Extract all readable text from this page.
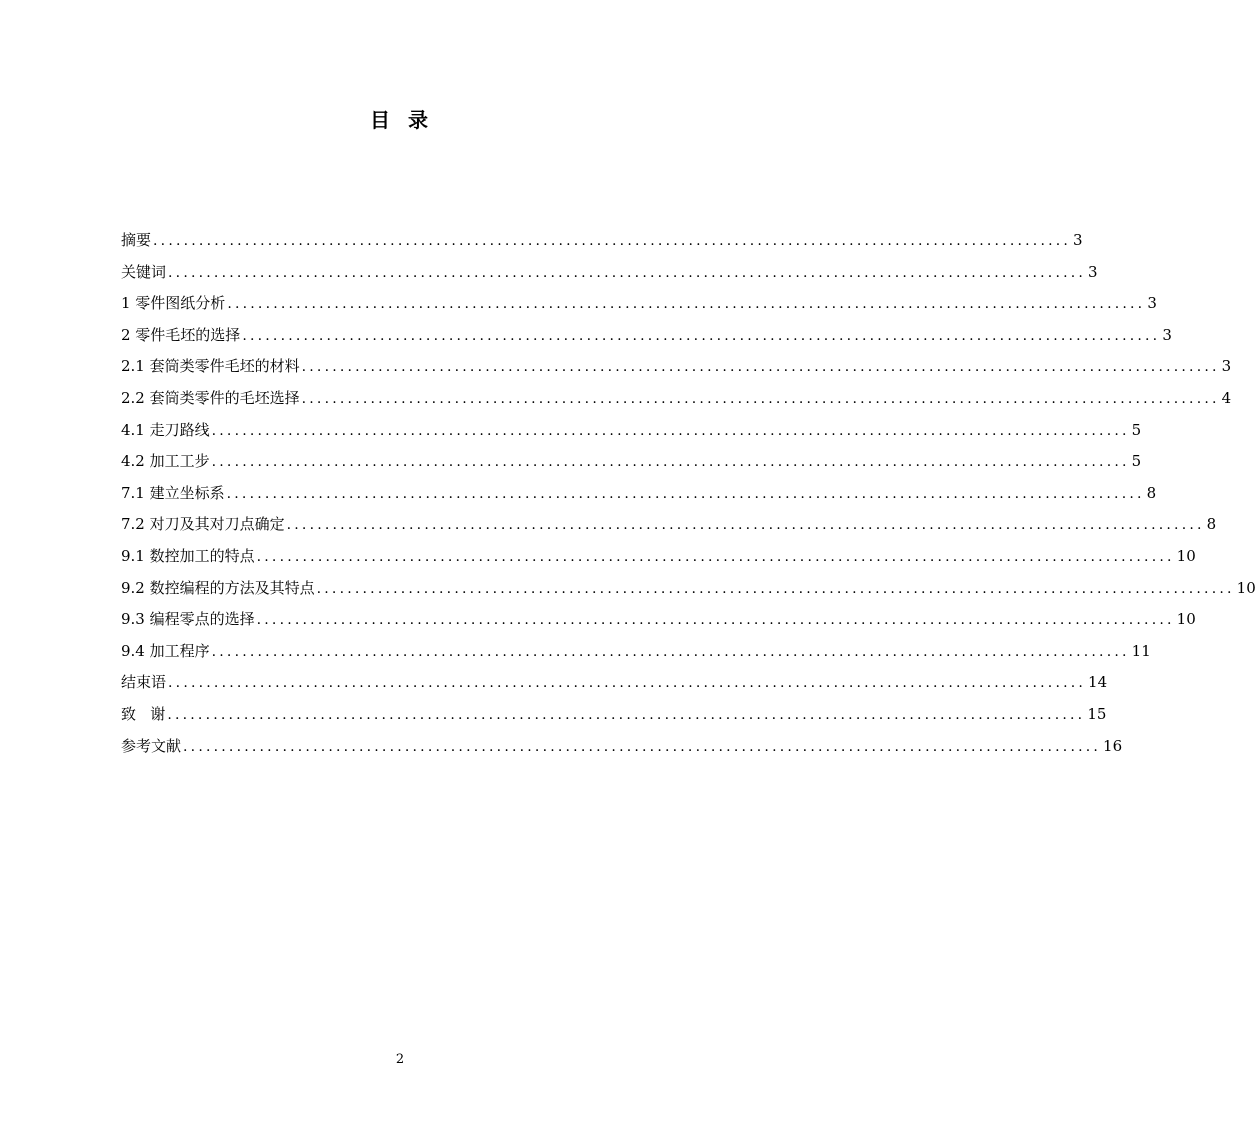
目 录
摘要 ........................................................................................................................ 3
关键词 ........................................................................................................................ 3
1 零件图纸分析 ........................................................................................................................ 3
2 零件毛坯的选择 ........................................................................................................................ 3
2.1 套筒类零件毛坯的材料 ........................................................................................................................ 3
2.2 套筒类零件的毛坯选择 ........................................................................................................................ 4
4.1 走刀路线 ........................................................................................................................ 5
4.2 加工工步 ........................................................................................................................ 5
7.1 建立坐标系 ........................................................................................................................ 8
7.2 对刀及其对刀点确定 ........................................................................................................................ 8
9.1 数控加工的特点 ........................................................................................................................ 10
9.2 数控编程的方法及其特点 ........................................................................................................................ 10
9.3 编程零点的选择 ........................................................................................................................ 10
9.4 加工程序 ........................................................................................................................ 11
结束语 ........................................................................................................................ 14
致   谢 ........................................................................................................................ 15
参考文献 ........................................................................................................................ 16
2
